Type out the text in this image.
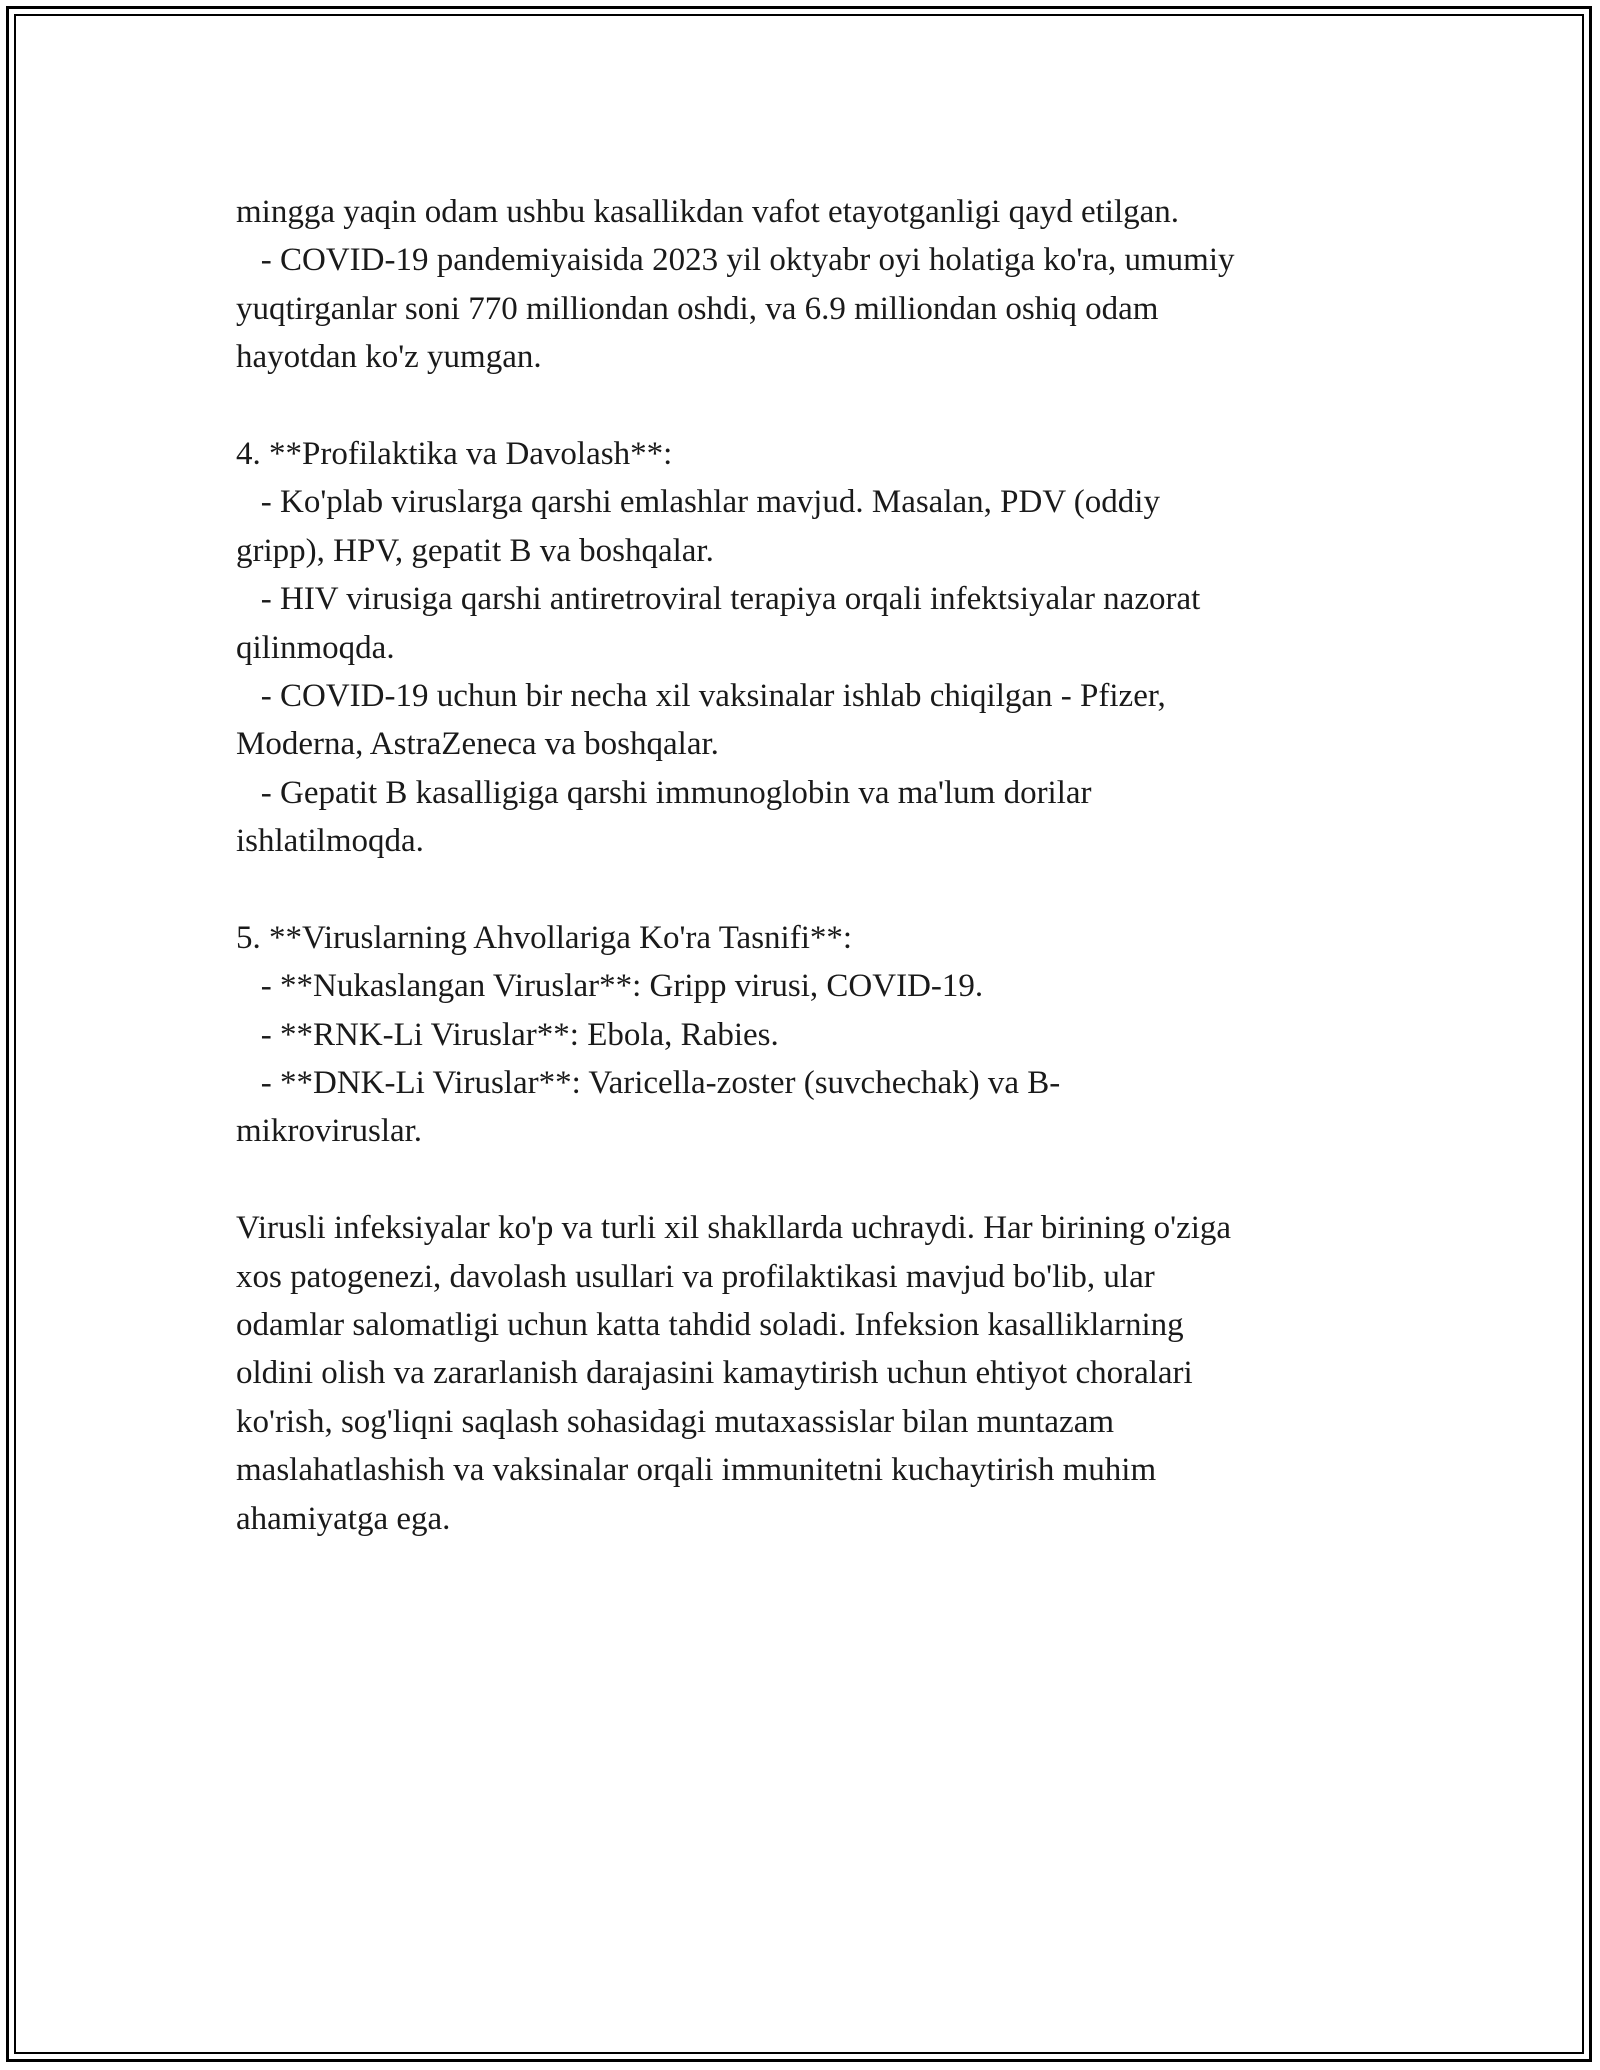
mingga yaqin odam ushbu kasallikdan vafot etayotganligi qayd etilgan.
- COVID-19 pandemiyaisida 2023 yil oktyabr oyi holatiga ko'ra, umumiy
yuqtirganlar soni 770 milliondan oshdi, va 6.9 milliondan oshiq odam
hayotdan ko'z yumgan.
4. **Profilaktika va Davolash**:
- Ko'plab viruslarga qarshi emlashlar mavjud. Masalan, PDV (oddiy
gripp), HPV, gepatit B va boshqalar.
- HIV virusiga qarshi antiretroviral terapiya orqali infektsiyalar nazorat
qilinmoqda.
- COVID-19 uchun bir necha xil vaksinalar ishlab chiqilgan - Pfizer,
Moderna, AstraZeneca va boshqalar.
- Gepatit B kasalligiga qarshi immunoglobin va ma'lum dorilar
ishlatilmoqda.
5. **Viruslarning Ahvollariga Ko'ra Tasnifi**:
- **Nukaslangan Viruslar**: Gripp virusi, COVID-19.
- **RNK-Li Viruslar**: Ebola, Rabies.
- **DNK-Li Viruslar**: Varicella-zoster (suvchechak) va B-
mikroviruslar.
Virusli infeksiyalar ko'p va turli xil shakllarda uchraydi. Har birining o'ziga
xos patogenezi, davolash usullari va profilaktikasi mavjud bo'lib, ular
odamlar salomatligi uchun katta tahdid soladi. Infeksion kasalliklarning
oldini olish va zararlanish darajasini kamaytirish uchun ehtiyot choralari
ko'rish, sog'liqni saqlash sohasidagi mutaxassislar bilan muntazam
maslahatlashish va vaksinalar orqali immunitetni kuchaytirish muhim
ahamiyatga ega.
